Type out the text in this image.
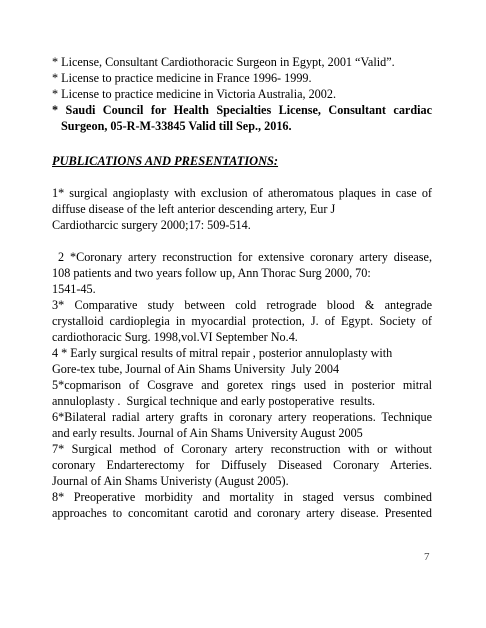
* License, Consultant Cardiothoracic Surgeon in Egypt, 2001 “Valid”.

* License to practice medicine in France 1996- 1999.

* License to practice medicine in Victoria Australia, 2002.

* Saudi Council for Health Specialties License, Consultant cardiac Surgeon, 05-R-M-33845 Valid till Sep., 2016.

PUBLICATIONS AND PRESENTATIONS:

1* surgical angioplasty with exclusion of atheromatous plaques in case of
diffuse disease of the left anterior descending artery, Eur J
Cardiotharcic surgery 2000;17: 509-514.

2 *Coronary artery reconstruction for extensive coronary artery disease,
108 patients and two years follow up, Ann Thorac Surg 2000, 70:
1541-45.

3* Comparative study between cold retrograde blood & antegrade
crystalloid cardioplegia in myocardial protection, J. of Egypt. Society of
cardiothoracic Surg. 1998,vol.VI September No.4.

4 * Early surgical results of mitral repair , posterior annuloplasty with
Gore-tex tube, Journal of Ain Shams University  July 2004

5*copmarison of Cosgrave and goretex rings used in posterior mitral
annuloplasty .  Surgical technique and early postoperative  results.

6*Bilateral radial artery grafts in coronary artery reoperations. Technique
and early results. Journal of Ain Shams University August 2005

7* Surgical method of Coronary artery reconstruction with or without
coronary Endarterectomy for Diffusely Diseased Coronary Arteries.
Journal of Ain Shams Univeristy (August 2005).

8* Preoperative morbidity and mortality in staged versus combined
approaches to concomitant carotid and coronary artery disease. Presented

7
